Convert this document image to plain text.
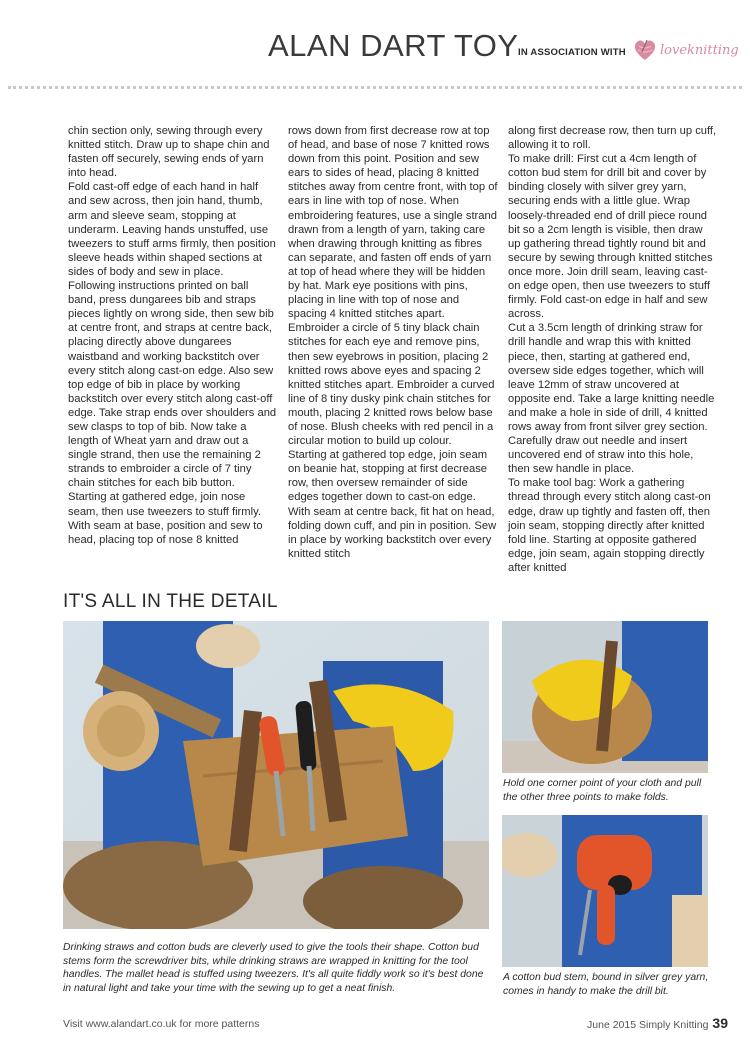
ALAN DART TOY IN ASSOCIATION WITH	loveknitting

chin section only, sewing through every knitted stitch. Draw up to shape chin and fasten off securely, sewing ends of yarn into head.

Fold cast-off edge of each hand in half and sew across, then join hand, thumb, arm and sleeve seam, stopping at underarm. Leaving hands unstuffed, use tweezers to stuff arms firmly, then position sleeve heads within shaped sections at sides of body and sew in place.

Following instructions printed on ball band, press dungarees bib and straps pieces lightly on wrong side, then sew bib at centre front, and straps at centre back, placing directly above dungarees waistband and working backstitch over every stitch along cast-on edge. Also sew top edge of bib in place by working backstitch over every stitch along cast-off edge. Take strap ends over shoulders and sew clasps to top of bib. Now take a length of Wheat yarn and draw out a single strand, then use the remaining 2 strands to embroider a circle of 7 tiny chain stitches for each bib button.

Starting at gathered edge, join nose seam, then use tweezers to stuff firmly. With seam at base, position and sew to head, placing top of nose 8 knitted

rows down from first decrease row at top of head, and base of nose 7 knitted rows down from this point. Position and sew ears to sides of head, placing 8 knitted stitches away from centre front, with top of ears in line with top of nose. When embroidering features, use a single strand drawn from a length of yarn, taking care when drawing through knitting as fibres can separate, and fasten off ends of yarn at top of head where they will be hidden by hat. Mark eye positions with pins, placing in line with top of nose and spacing 4 knitted stitches apart. Embroider a circle of 5 tiny black chain stitches for each eye and remove pins, then sew eyebrows in position, placing 2 knitted rows above eyes and spacing 2 knitted stitches apart. Embroider a curved line of 8 tiny dusky pink chain stitches for mouth, placing 2 knitted rows below base of nose. Blush cheeks with red pencil in a circular motion to build up colour.

Starting at gathered top edge, join seam on beanie hat, stopping at first decrease row, then oversew remainder of side edges together down to cast-on edge. With seam at centre back, fit hat on head, folding down cuff, and pin in position. Sew in place by working backstitch over every knitted stitch

along first decrease row, then turn up cuff, allowing it to roll.

To make drill: First cut a 4cm length of cotton bud stem for drill bit and cover by binding closely with silver grey yarn, securing ends with a little glue. Wrap loosely-threaded end of drill piece round bit so a 2cm length is visible, then draw up gathering thread tightly round bit and secure by sewing through knitted stitches once more. Join drill seam, leaving cast-on edge open, then use tweezers to stuff firmly. Fold cast-on edge in half and sew across.

Cut a 3.5cm length of drinking straw for drill handle and wrap this with knitted piece, then, starting at gathered end, oversew side edges together, which will leave 12mm of straw uncovered at opposite end. Take a large knitting needle and make a hole in side of drill, 4 knitted rows away from front silver grey section. Carefully draw out needle and insert uncovered end of straw into this hole, then sew handle in place.

To make tool bag: Work a gathering thread through every stitch along cast-on edge, draw up tightly and fasten off, then join seam, stopping directly after knitted fold line. Starting at opposite gathered edge, join seam, again stopping directly after knitted

IT'S ALL IN THE DETAIL
Drinking straws and cotton buds are cleverly used to give the tools their shape. Cotton bud stems form the screwdriver bits, while drinking straws are wrapped in knitting for the tool handles. The mallet head is stuffed using tweezers. It's all quite fiddly work so it's best done in natural light and take your time with the sewing up to get a neat finish.
Hold one corner point of your cloth and pull the other three points to make folds.
A cotton bud stem, bound in silver grey yarn, comes in handy to make the drill bit.
Visit www.alandart.co.uk for more patterns	June 2015 Simply Knitting 39
